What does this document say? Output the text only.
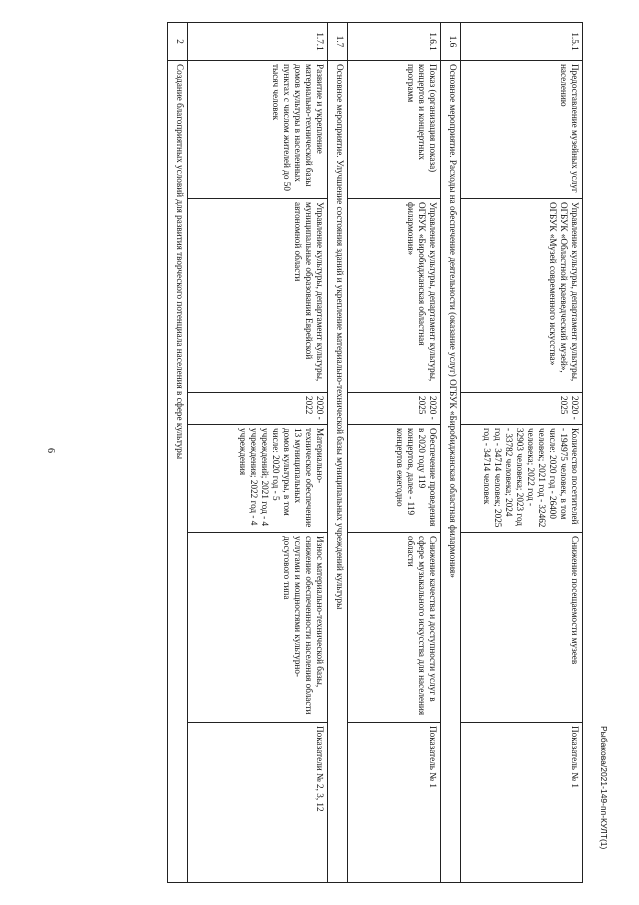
6
Рыбакова/2021-149-пп-КУЛТ(1)
1.5.1	Предоставление музейных услуг населению	Управление культуры, департамент культуры, ОГБУК «Областной краеведческий музей», ОГБУК «Музей современного искусства»	2020 - 2025	Количество посетителей - 194975 человек, в том числе: 2020 год - 26400 человек; 2021 год - 32462 человека; 2022 год - 32903 человека; 2023 год - 33782 человека; 2024 год - 34714 человек; 2025 год - 34714 человек	Снижение посещаемости музеев	Показатель № 1
1.6	Основное мероприятие. Расходы на обеспечение деятельности (оказание услуг) ОГБУК «Биробиджанская областная филармония»					
1.6.1	Показ (организация показа) концертов и концертных программ	Управление культуры, департамент культуры, ОГБУК «Биробиджанская областная филармония»	2020 - 2025	Обеспечение проведения в 2020 году 119 концертов, далее - 119 концертов ежегодно	Снижение качества и доступности услуг в сфере музыкального искусства для населения области	Показатель № 1
1.7	Основное мероприятие. Улучшение состояния зданий и укрепление материально-технической базы муниципальных учреждений культуры					
1.7.1	Развитие и укрепление материально-технической базы домов культуры в населенных пунктах с числом жителей до 50 тысяч человек	Управление культуры, департамент культуры, муниципальные образования Еврейской автономной области	2020 - 2022	Материально-техническое обеспечение 13 муниципальных домов культуры, в том числе: 2020 год - 5 учреждений; 2021 год - 4 учреждения; 2022 год - 4 учреждения	Износ материально-технической базы, снижение обеспеченности населения области услугами и мощностями культурно-досугового типа	Показатели № 2, 3, 12
2	Создание благоприятных условий для развития творческого потенциала населения в сфере культуры					
